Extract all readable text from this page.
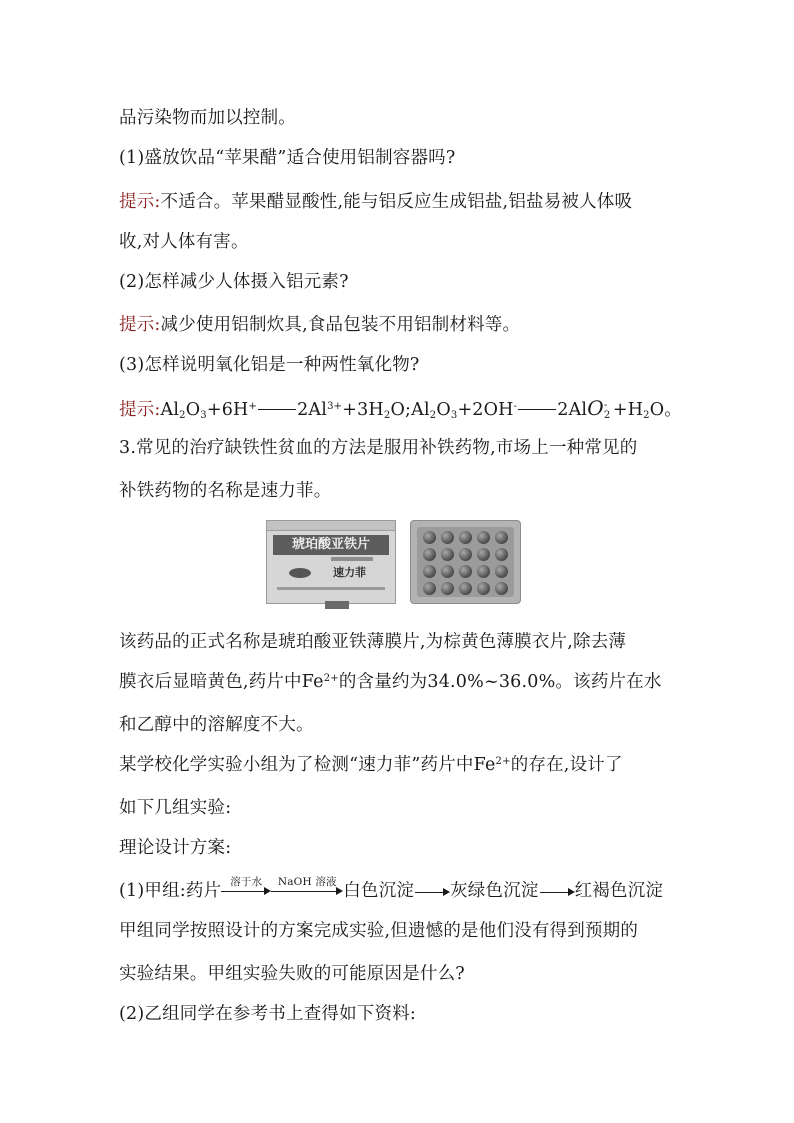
品污染物而加以控制。
(1)盛放饮品“苹果醋”适合使用铝制容器吗?
提示:不适合。苹果醋显酸性,能与铝反应生成铝盐,铝盐易被人体吸
收,对人体有害。
(2)怎样减少人体摄入铝元素?
提示:减少使用铝制炊具,食品包装不用铝制材料等。
(3)怎样说明氧化铝是一种两性氧化物?
提示$:Al_2O_3+6H^+$ $2Al^{3+}+3H_2O;Al_2O_3+2OH^-$ 2AlO -
$2 +H_2O$。
3.常见的治疗缺铁性贫血的方法是服用补铁药物,市场上一种常见的
补铁药物的名称是速力菲。
琥珀酸亚铁片
速力菲
该药品的正式名称是琥珀酸亚铁薄膜片,为棕黄色薄膜衣片,除去薄
膜衣后显暗黄色,药片中$Fe^{2+}$的含量约为34.0%~36.0%。该药片在水
和乙醇中的溶解度不大。
某学校化学实验小组为了检测“速力菲”药片中$Fe^{2+}$的存在,设计了
如下几组实验:
理论设计方案:
(1)甲组:药片 溶于水	NaOH 溶液 白色沉淀 灰绿色沉淀 红褐色沉淀
甲组同学按照设计的方案完成实验,但遗憾的是他们没有得到预期的
实验结果。甲组实验失败的可能原因是什么?
(2)乙组同学在参考书上查得如下资料:
